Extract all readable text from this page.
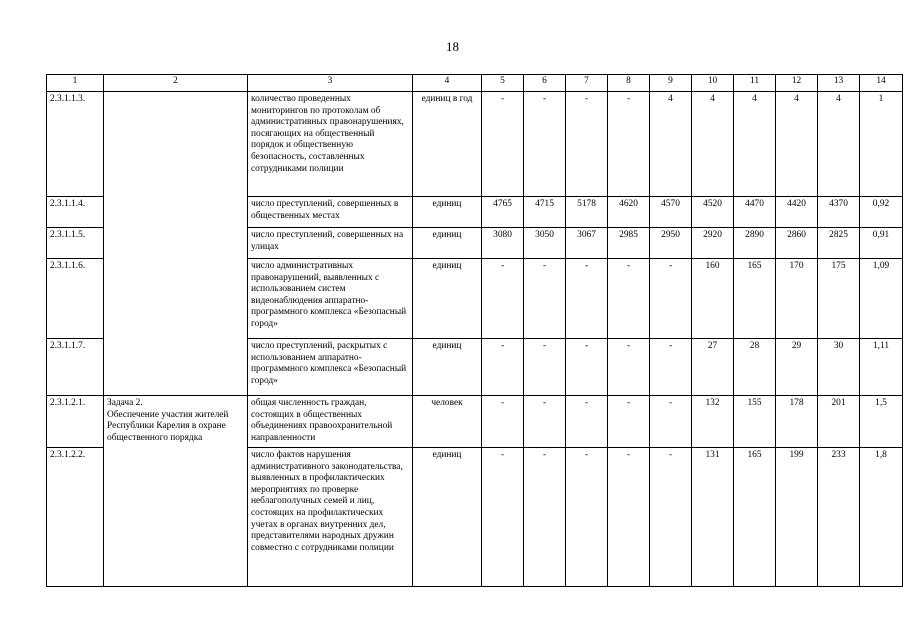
18
1	2	3	4	5	6	7	8	9	10	11	12	13	14
2.3.1.1.3.		количество проведенных мониторингов по протоколам об административных правонарушениях, посягающих на общественный порядок и общественную безопасность, составленных сотрудниками полиции	единиц в год	-	-	-	-	4	4	4	4	4	1
2.3.1.1.4.		число преступлений, совершенных в общественных местах	единиц	4765	4715	5178	4620	4570	4520	4470	4420	4370	0,92
2.3.1.1.5.		число преступлений, совершенных на улицах	единиц	3080	3050	3067	2985	2950	2920	2890	2860	2825	0,91
2.3.1.1.6.		число административных правонарушений, выявленных с использованием систем видеонаблюдения аппаратно-программного комплекса «Безопасный город»	единиц	-	-	-	-	-	160	165	170	175	1,09
2.3.1.1.7.		число преступлений, раскрытых с использованием аппаратно-программного комплекса «Безопасный город»	единиц	-	-	-	-	-	27	28	29	30	1,11
2.3.1.2.1.	Задача 2.
Обеспечение участия жителей Республики Карелия в охране общественного порядка	общая численность граждан, состоящих в общественных объединениях правоохранительной направленности	человек	-	-	-	-	-	132	155	178	201	1,5
2.3.1.2.2.		число фактов нарушения административного законодательства, выявленных в профилактических мероприятиях по проверке неблагополучных семей и лиц, состоящих на профилактических учетах в органах внутренних дел, представителями народных дружин совместно с сотрудниками полиции	единиц	-	-	-	-	-	131	165	199	233	1,8
